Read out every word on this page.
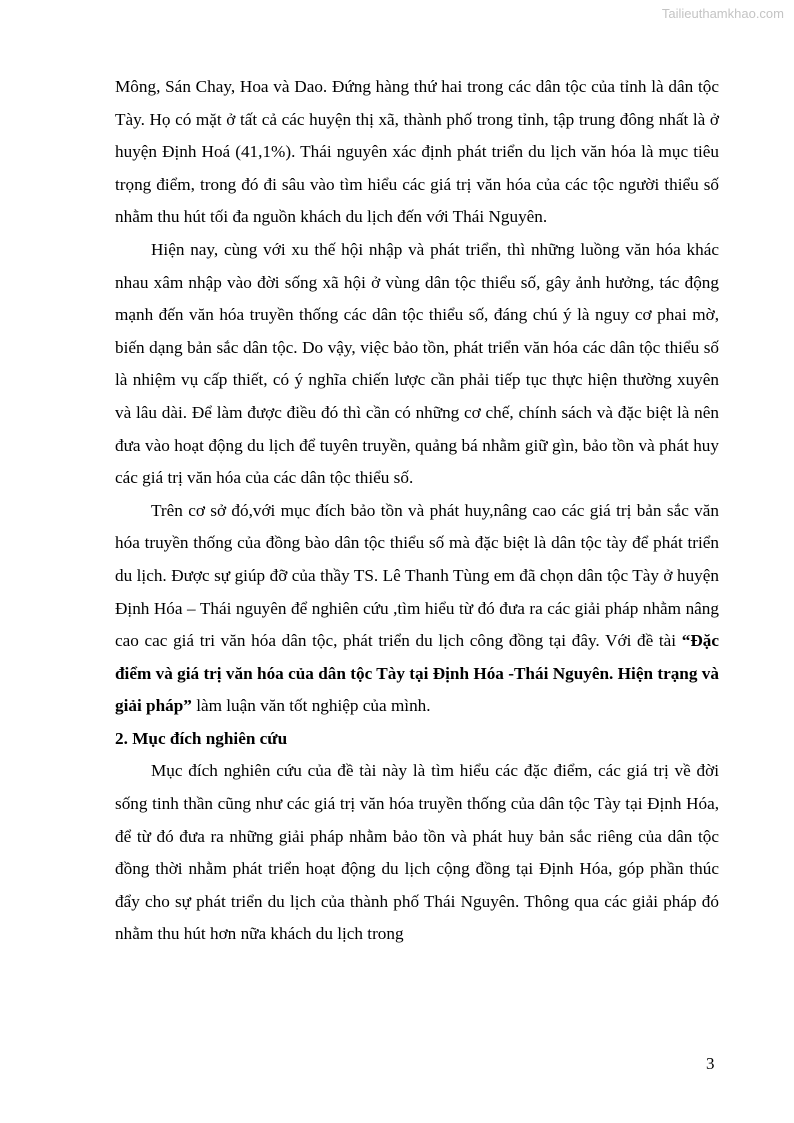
Tailieuthamkhao.com

Mông, Sán Chay, Hoa và Dao. Đứng hàng thứ hai trong các dân tộc của tỉnh là dân tộc Tày. Họ có mặt ở tất cả các huyện thị xã, thành phố trong tỉnh, tập trung đông nhất là ở huyện Định Hoá (41,1%). Thái nguyên xác định phát triển du lịch văn hóa là mục tiêu trọng điểm, trong đó đi sâu vào tìm hiểu các giá trị văn hóa của các tộc người thiểu số nhằm thu hút tối đa nguồn khách du lịch đến với Thái Nguyên.

Hiện nay, cùng với xu thế hội nhập và phát triển, thì những luồng văn hóa khác nhau xâm nhập vào đời sống xã hội ở vùng dân tộc thiểu số, gây ảnh hưởng, tác động mạnh đến văn hóa truyền thống các dân tộc thiểu số, đáng chú ý là nguy cơ phai mờ, biến dạng bản sắc dân tộc. Do vậy, việc bảo tồn, phát triển văn hóa các dân tộc thiểu số là nhiệm vụ cấp thiết, có ý nghĩa chiến lược cần phải tiếp tục thực hiện thường xuyên và lâu dài. Để làm được điều đó thì cần có những cơ chế, chính sách và đặc biệt là nên đưa vào hoạt động du lịch để tuyên truyền, quảng bá nhằm giữ gìn, bảo tồn và phát huy các giá trị văn hóa của các dân tộc thiểu số.

Trên cơ sở đó,với mục đích bảo tồn và phát huy,nâng cao các giá trị bản sắc văn hóa truyền thống của đồng bào dân tộc thiểu số mà đặc biệt là dân tộc tày để phát triển du lịch. Được sự giúp đỡ của thầy TS. Lê Thanh Tùng em đã chọn dân tộc Tày ở huyện Định Hóa – Thái nguyên để nghiên cứu ,tìm hiểu từ đó đưa ra các giải pháp nhằm nâng cao cac giá tri văn hóa dân tộc, phát triển du lịch công đồng tại đây. Với đề tài “Đặc điểm và giá trị văn hóa của dân tộc Tày tại Định Hóa -Thái Nguyên. Hiện trạng và giải pháp” làm luận văn tốt nghiệp của mình.

2. Mục đích nghiên cứu

Mục đích nghiên cứu của đề tài này là tìm hiểu các đặc điểm, các giá trị về đời sống tinh thần cũng như các giá trị văn hóa truyền thống của dân tộc Tày tại Định Hóa, để từ đó đưa ra những giải pháp nhằm bảo tồn và phát huy bản sắc riêng của dân tộc đồng thời nhằm phát triển hoạt động du lịch cộng đồng tại Định Hóa, góp phần thúc đẩy cho sự phát triển du lịch của thành phố Thái Nguyên. Thông qua các giải pháp đó nhằm thu hút hơn nữa khách du lịch trong

3
